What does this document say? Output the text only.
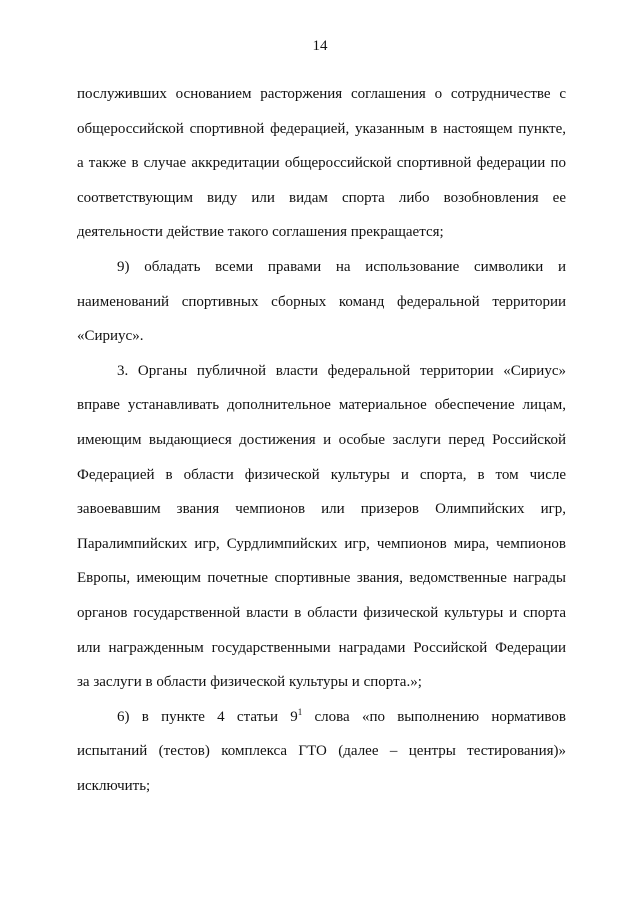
14
послуживших основанием расторжения соглашения о сотрудничестве с
общероссийской спортивной федерацией, указанным в настоящем пункте,
а также в случае аккредитации общероссийской спортивной федерации по
соответствующим виду или видам спорта либо возобновления ее
деятельности действие такого соглашения прекращается;
9) обладать всеми правами на использование символики и
наименований спортивных сборных команд федеральной территории
«Сириус».
3. Органы публичной власти федеральной территории «Сириус»
вправе устанавливать дополнительное материальное обеспечение лицам,
имеющим выдающиеся достижения и особые заслуги перед Российской
Федерацией в области физической культуры и спорта, в том числе
завоевавшим звания чемпионов или призеров Олимпийских игр,
Паралимпийских игр, Сурдлимпийских игр, чемпионов мира, чемпионов
Европы, имеющим почетные спортивные звания, ведомственные награды
органов государственной власти в области физической культуры и спорта
или награжденным государственными наградами Российской Федерации
за заслуги в области физической культуры и спорта.»;
6) в пункте 4 статьи $9^1$ слова «по выполнению нормативов
испытаний (тестов) комплекса ГТО (далее – центры тестирования)»
исключить;
